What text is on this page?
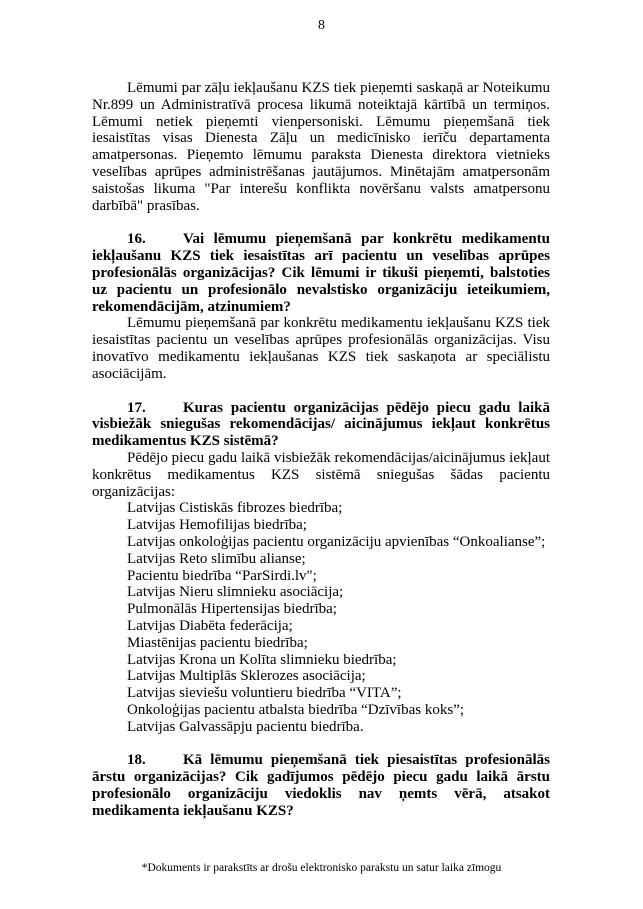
8

Lēmumi par zāļu iekļaušanu KZS tiek pieņemti saskaņā ar Noteikumu Nr.899 un Administratīvā procesa likumā noteiktajā kārtībā un termiņos. Lēmumi netiek pieņemti vienpersoniski. Lēmumu pieņemšanā tiek iesaistītas visas Dienesta Zāļu un medicīnisko ierīču departamenta amatpersonas. Pieņemto lēmumu paraksta Dienesta direktora vietnieks veselības aprūpes administrēšanas jautājumos. Minētajām amatpersonām saistošas likuma "Par interešu konflikta novēršanu valsts amatpersonu darbībā" prasības.

16. Vai lēmumu pieņemšanā par konkrētu medikamentu iekļaušanu KZS tiek iesaistītas arī pacientu un veselības aprūpes profesionālās organizācijas? Cik lēmumi ir tikuši pieņemti, balstoties uz pacientu un profesionālo nevalstisko organizāciju ieteikumiem, rekomendācijām, atzinumiem?

Lēmumu pieņemšanā par konkrētu medikamentu iekļaušanu KZS tiek iesaistītas pacientu un veselības aprūpes profesionālās organizācijas. Visu inovatīvo medikamentu iekļaušanas KZS tiek saskaņota ar speciālistu asociācijām.

17. Kuras pacientu organizācijas pēdējo piecu gadu laikā visbiežāk sniegušas rekomendācijas/ aicinājumus iekļaut konkrētus medikamentus KZS sistēmā?

Pēdējo piecu gadu laikā visbiežāk rekomendācijas/aicinājumus iekļaut konkrētus medikamentus KZS sistēmā sniegušas šādas pacientu organizācijas:

Latvijas Cistiskās fibrozes biedrība;
Latvijas Hemofilijas biedrība;
Latvijas onkoloģijas pacientu organizāciju apvienības “Onkoalianse”;
Latvijas Reto slimību alianse;
Pacientu biedrība “ParSirdi.lv";
Latvijas Nieru slimnieku asociācija;
Pulmonālās Hipertensijas biedrība;
Latvijas Diabēta federācija;
Miastēnijas pacientu biedrība;
Latvijas Krona un Kolīta slimnieku biedrība;
Latvijas Multiplās Sklerozes asociācija;
Latvijas sieviešu voluntieru biedrība “VITA”;
Onkoloģijas pacientu atbalsta biedrība “Dzīvības koks”;
Latvijas Galvassāpju pacientu biedrība.

18. Kā lēmumu pieņemšanā tiek piesaistītas profesionālās ārstu organizācijas? Cik gadījumos pēdējo piecu gadu laikā ārstu profesionālo organizāciju viedoklis nav ņemts vērā, atsakot medikamenta iekļaušanu KZS?

*Dokuments ir parakstīts ar drošu elektronisko parakstu un satur laika zīmogu
